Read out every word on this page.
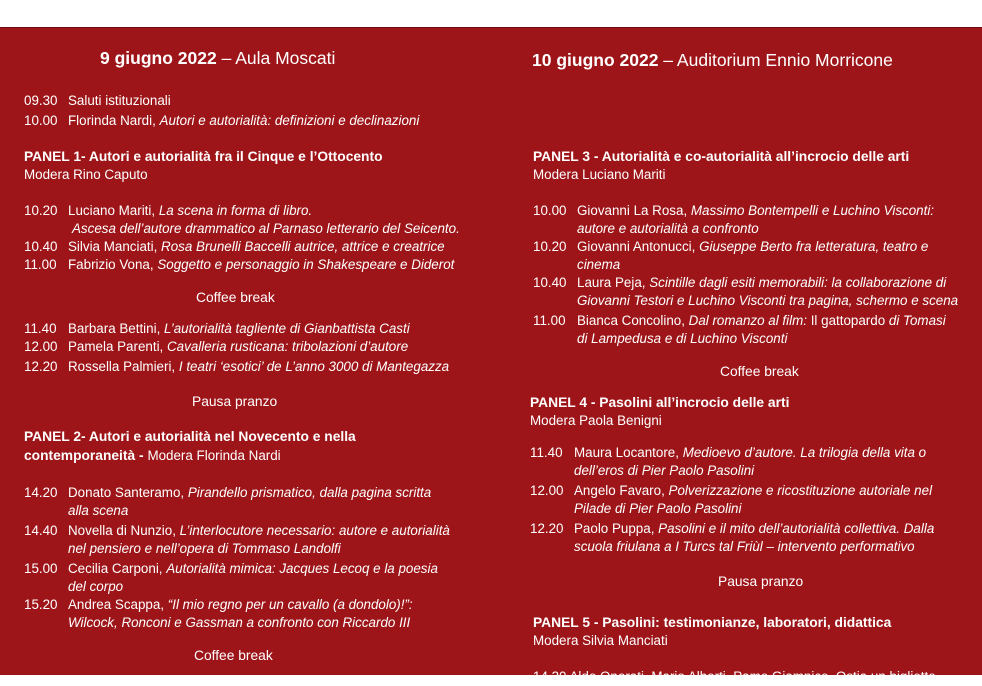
9 giugno 2022 – Aula Moscati
09.30 Saluti istituzionali
10.00 Florinda Nardi, Autori e autorialità: definizioni e declinazioni
PANEL 1- Autori e autorialità fra il Cinque e l’Ottocento
Modera Rino Caputo
10.20 Luciano Mariti, La scena in forma di libro.
Ascesa dell’autore drammatico al Parnaso letterario del Seicento.
10.40 Silvia Manciati, Rosa Brunelli Baccelli autrice, attrice e creatrice
11.00 Fabrizio Vona, Soggetto e personaggio in Shakespeare e Diderot
Coffee break
11.40 Barbara Bettini, L’autorialità tagliente di Gianbattista Casti
12.00 Pamela Parenti, Cavalleria rusticana: tribolazioni d’autore
12.20 Rossella Palmieri, I teatri ‘esotici’ de L’anno 3000 di Mantegazza
Pausa pranzo
PANEL 2- Autori e autorialità nel Novecento e nella
contemporaneità - Modera Florinda Nardi
14.20 Donato Santeramo, Pirandello prismatico, dalla pagina scritta
alla scena
14.40 Novella di Nunzio, L’interlocutore necessario: autore e autorialità
nel pensiero e nell’opera di Tommaso Landolfi
15.00 Cecilia Carponi, Autorialità mimica: Jacques Lecoq e la poesia
del corpo
15.20 Andrea Scappa, “Il mio regno per un cavallo (a dondolo)!”:
Wilcock, Ronconi e Gassman a confronto con Riccardo III
Coffee break
10 giugno 2022 – Auditorium Ennio Morricone
PANEL 3 - Autorialità e co-autorialità all’incrocio delle arti
Modera Luciano Mariti
10.00 Giovanni La Rosa, Massimo Bontempelli e Luchino Visconti:
autore e autorialità a confronto
10.20 Giovanni Antonucci, Giuseppe Berto fra letteratura, teatro e
cinema
10.40 Laura Peja, Scintille dagli esiti memorabili: la collaborazione di
Giovanni Testori e Luchino Visconti tra pagina, schermo e scena
11.00 Bianca Concolino, Dal romanzo al film: Il gattopardo di Tomasi
di Lampedusa e di Luchino Visconti
Coffee break
PANEL 4 - Pasolini all’incrocio delle arti
Modera Paola Benigni
11.40 Maura Locantore, Medioevo d’autore. La trilogia della vita o
dell’eros di Pier Paolo Pasolini
12.00 Angelo Favaro, Polverizzazione e ricostituzione autoriale nel
Pilade di Pier Paolo Pasolini
12.20 Paolo Puppa, Pasolini e il mito dell’autorialità collettiva. Dalla
scuola friulana a I Turcs tal Friùl – intervento performativo
Pausa pranzo
PANEL 5 - Pasolini: testimonianze, laboratori, didattica
Modera Silvia Manciati
14.30 Aldo Onorati, Mario Alberti, Pamo Giampico, Ostia un biglietto
